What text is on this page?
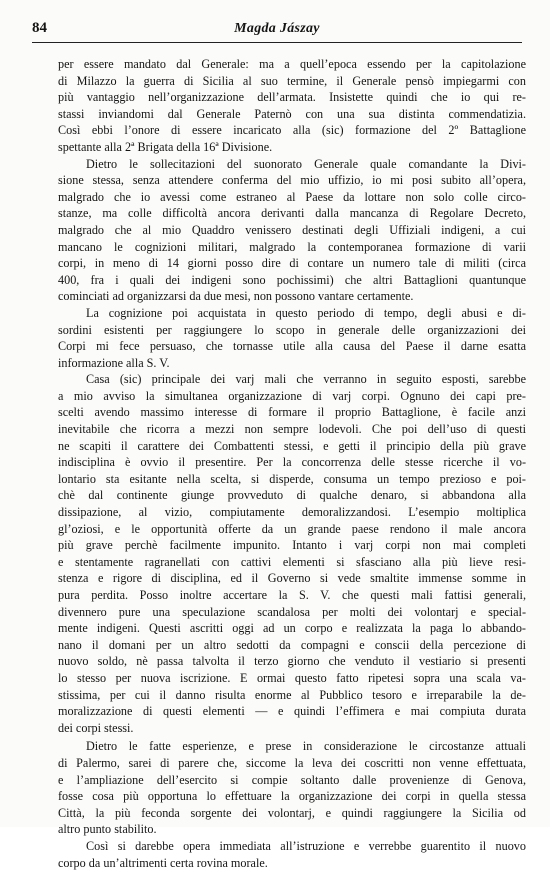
84	Magda Jászay
per essere mandato dal Generale: ma a quell’epoca essendo per la capitolazione
di Milazzo la guerra di Sicilia al suo termine, il Generale pensò impiegarmi con
più vantaggio nell’organizzazione dell’armata. Insistette quindi che io qui re-
stassi inviandomi dal Generale Paternò con una sua distinta commendatizia.
Così ebbi l’onore di essere incaricato alla (sic) formazione del 2º Battaglione
spettante alla 2ª Brigata della 16ª Divisione.
Dietro le sollecitazioni del suonorato Generale quale comandante la Divi-
sione stessa, senza attendere conferma del mio uffizio, io mi posi subito all’opera,
malgrado che io avessi come estraneo al Paese da lottare non solo colle circo-
stanze, ma colle difficoltà ancora derivanti dalla mancanza di Regolare Decreto,
malgrado che al mio Quaddro venissero destinati degli Uffiziali indigeni, a cui
mancano le cognizioni militari, malgrado la contemporanea formazione di varii
corpi, in meno di 14 giorni posso dire di contare un numero tale di militi (circa
400, fra i quali dei indigeni sono pochissimi) che altri Battaglioni quantunque
cominciati ad organizzarsi da due mesi, non possono vantare certamente.
La cognizione poi acquistata in questo periodo di tempo, degli abusi e di-
sordini esistenti per raggiungere lo scopo in generale delle organizzazioni dei
Corpi mi fece persuaso, che tornasse utile alla causa del Paese il darne esatta
informazione alla S. V.
Casa (sic) principale dei varj mali che verranno in seguito esposti, sarebbe
a mio avviso la simultanea organizzazione di varj corpi. Ognuno dei capi pre-
scelti avendo massimo interesse di formare il proprio Battaglione, è facile anzi
inevitabile che ricorra a mezzi non sempre lodevoli. Che poi dell’uso di questi
ne scapiti il carattere dei Combattenti stessi, e getti il principio della più grave
indisciplina è ovvio il presentire. Per la concorrenza delle stesse ricerche il vo-
lontario sta esitante nella scelta, si disperde, consuma un tempo prezioso e poi-
chè dal continente giunge provveduto di qualche denaro, si abbandona alla
dissipazione, al vizio, compiutamente demoralizzandosi. L’esempio moltiplica
gl’oziosi, e le opportunità offerte da un grande paese rendono il male ancora
più grave perchè facilmente impunito. Intanto i varj corpi non mai completi
e stentamente ragranellati con cattivi elementi si sfasciano alla più lieve resi-
stenza e rigore di disciplina, ed il Governo si vede smaltite immense somme in
pura perdita. Posso inoltre accertare la S. V. che questi mali fattisi generali,
divennero pure una speculazione scandalosa per molti dei volontarj e special-
mente indigeni. Questi ascritti oggi ad un corpo e realizzata la paga lo abbando-
nano il domani per un altro sedotti da compagni e conscii della percezione di
nuovo soldo, nè passa talvolta il terzo giorno che venduto il vestiario si presenti
lo stesso per nuova iscrizione. E ormai questo fatto ripetesi sopra una scala va-
stissima, per cui il danno risulta enorme al Pubblico tesoro e irreparabile la de-
moralizzazione di questi elementi — e quindi l’effimera e mai compiuta durata
dei corpi stessi.
Dietro le fatte esperienze, e prese in considerazione le circostanze attuali
di Palermo, sarei di parere che, siccome la leva dei coscritti non venne effettuata,
e l’ampliazione dell’esercito si compie soltanto dalle provenienze di Genova,
fosse cosa più opportuna lo effettuare la organizzazione dei corpi in quella stessa
Città, la più feconda sorgente dei volontarj, e quindi raggiungere la Sicilia od
altro punto stabilito.
Così si darebbe opera immediata all’istruzione e verrebbe guarentito il nuovo
corpo da un’altrimenti certa rovina morale.
